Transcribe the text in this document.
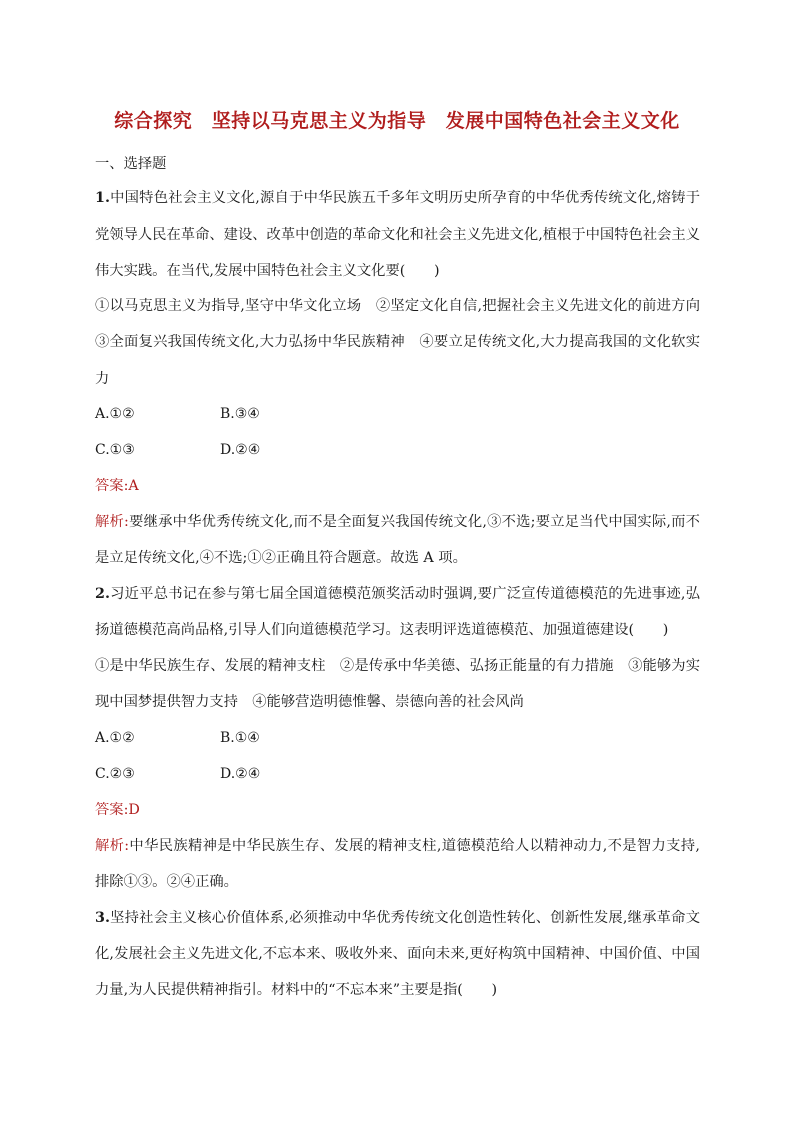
综合探究　坚持以马克思主义为指导　发展中国特色社会主义文化
一、选择题
1.中国特色社会主义文化,源自于中华民族五千多年文明历史所孕育的中华优秀传统文化,熔铸于
党领导人民在革命、建设、改革中创造的革命文化和社会主义先进文化,植根于中国特色社会主义
伟大实践。在当代,发展中国特色社会主义文化要(　　)
①以马克思主义为指导,坚守中华文化立场　②坚定文化自信,把握社会主义先进文化的前进方向
③全面复兴我国传统文化,大力弘扬中华民族精神　④要立足传统文化,大力提高我国的文化软实
力
A.①②	B.③④
C.①③	D.②④
答案:A
解析:要继承中华优秀传统文化,而不是全面复兴我国传统文化,③不选;要立足当代中国实际,而不
是立足传统文化,④不选;①②正确且符合题意。故选 A 项。
2.习近平总书记在参与第七届全国道德模范颁奖活动时强调,要广泛宣传道德模范的先进事迹,弘
扬道德模范高尚品格,引导人们向道德模范学习。这表明评选道德模范、加强道德建设(　　)
①是中华民族生存、发展的精神支柱　②是传承中华美德、弘扬正能量的有力措施　③能够为实
现中国梦提供智力支持　④能够营造明德惟馨、崇德向善的社会风尚
A.①②	B.①④
C.②③	D.②④
答案:D
解析:中华民族精神是中华民族生存、发展的精神支柱,道德模范给人以精神动力,不是智力支持,
排除①③。②④正确。
3.坚持社会主义核心价值体系,必须推动中华优秀传统文化创造性转化、创新性发展,继承革命文
化,发展社会主义先进文化,不忘本来、吸收外来、面向未来,更好构筑中国精神、中国价值、中国
力量,为人民提供精神指引。材料中的“不忘本来”主要是指(　　)
